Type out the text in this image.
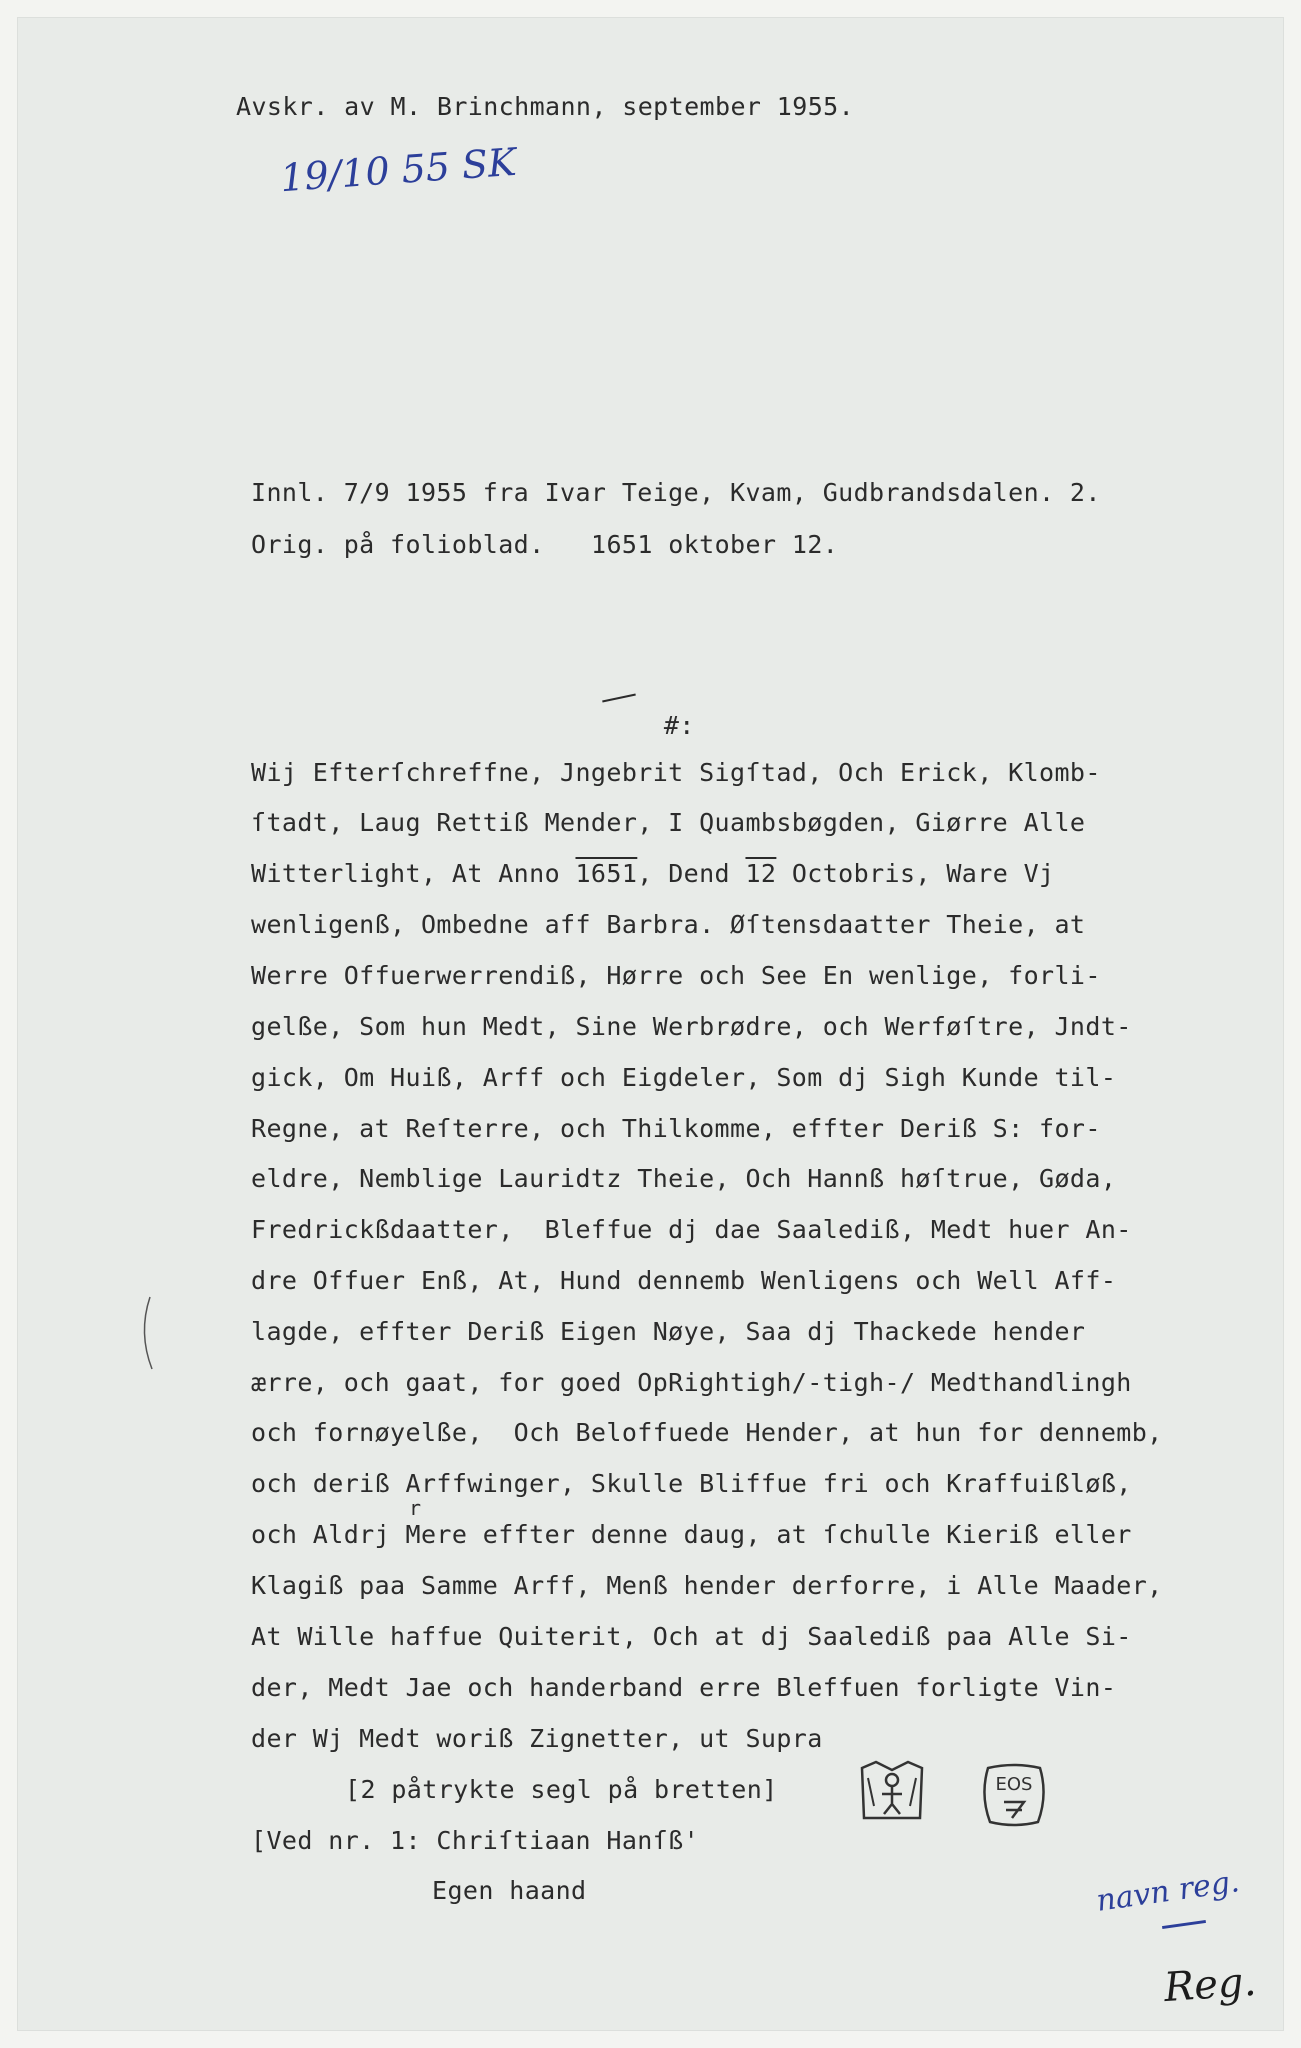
Avskr. av M. Brinchmann, september 1955.
19/10 55 SK
Innl. 7/9 1955 fra Ivar Teige, Kvam, Gudbrandsdalen. 2.
Orig. på folioblad. 1651 oktober 12.

#:

Wij Efterſchreffne, Jngebrit Sigſtad, Och Erick, Klomb-
ſtadt, Laug Rettiß Mender, I Quambsbøgden, Giørre Alle
Witterlight, At Anno 1651, Dend 12 Octobris, Ware Vj
wenligenß, Ombedne aff Barbra. Øſtensdaatter Theie, at
Werre Offuerwerrendiß, Hørre och See En wenlige, forli-
gelße, Som hun Medt, Sine Werbrødre, och Werføſtre, Jndt-
gick, Om Huiß, Arff och Eigdeler, Som dj Sigh Kunde til-
Regne, at Reſterre, och Thilkomme, effter Deriß S: for-
eldre, Nemblige Lauridtz Theie, Och Hannß høſtrue, Gøda,
Fredrickßdaatter,  Bleffue dj dae Saalediß, Medt huer An-
dre Offuer Enß, At, Hund dennemb Wenligens och Well Aff-
lagde, effter Deriß Eigen Nøye, Saa dj Thackede hender
ærre, och gaat, for goed OpRightigh/-tigh-/ Medthandlingh
och fornøyelße,  Och Beloffuede Hender, at hun for dennemb,
och deriß Arffwinger, Skulle Bliffue fri och Kraffuißløß,
r
och Aldrj Mere effter denne daug, at ſchulle Kieriß eller
Klagiß paa Samme Arff, Menß hender derforre, i Alle Maader,
At Wille haffue Quiterit, Och at dj Saalediß paa Alle Si-
der, Medt Jae och handerband erre Bleffuen forligte Vin-
der Wj Medt woriß Zignetter, ut Supra
[2 påtrykte segl på bretten]	EOS
[Ved nr. 1: Chriſtiaan Hanſß'
Egen haand	navn reg.
Reg.
